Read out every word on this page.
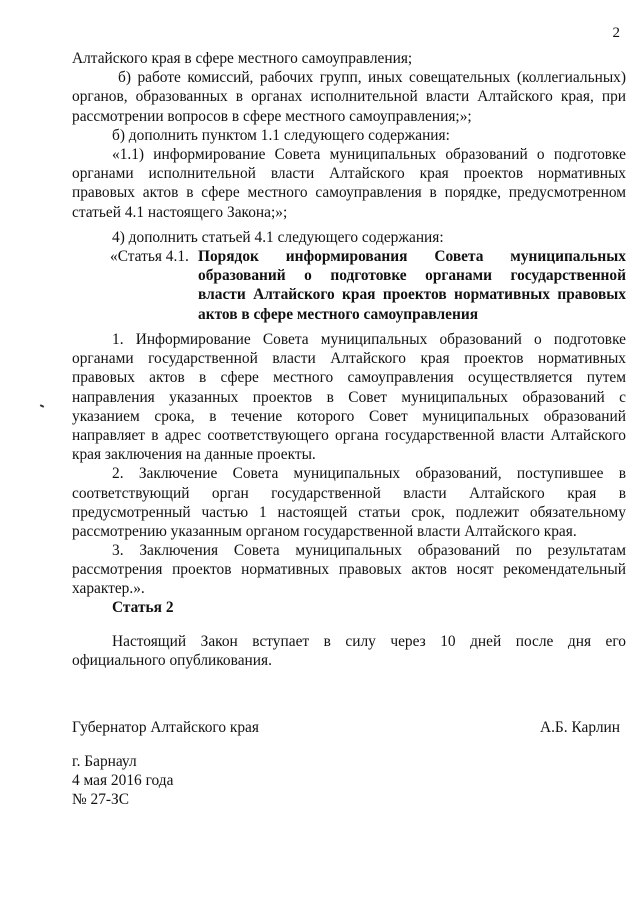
2
Алтайского края в сфере местного самоуправления;
б) работе комиссий, рабочих групп, иных совещательных (коллегиальных)
органов, образованных в органах исполнительной власти Алтайского края, при
рассмотрении вопросов в сфере местного самоуправления;»;
б) дополнить пунктом 1.1 следующего содержания:
«1.1) информирование Совета муниципальных образований о подготовке
органами исполнительной власти Алтайского края проектов нормативных
правовых актов в сфере местного самоуправления в порядке, предусмотренном
статьей 4.1 настоящего Закона;»;
4) дополнить статьей 4.1 следующего содержания:
«Статья 4.1. Порядок информирования Совета муниципальных
образований о подготовке органами государственной
власти Алтайского края проектов нормативных правовых
актов в сфере местного самоуправления
1. Информирование Совета муниципальных образований о подготовке
органами государственной власти Алтайского края проектов нормативных
правовых актов в сфере местного самоуправления осуществляется путем
направления указанных проектов в Совет муниципальных образований с
указанием срока, в течение которого Совет муниципальных образований
направляет в адрес соответствующего органа государственной власти Алтайского
края заключения на данные проекты.
2. Заключение Совета муниципальных образований, поступившее в
соответствующий орган государственной власти Алтайского края в
предусмотренный частью 1 настоящей статьи срок, подлежит обязательному
рассмотрению указанным органом государственной власти Алтайского края.
3. Заключения Совета муниципальных образований по результатам
рассмотрения проектов нормативных правовых актов носят рекомендательный
характер.».
Статья 2
Настоящий Закон вступает в силу через 10 дней после дня его
официального опубликования.
Губернатор Алтайского края	А.Б. Карлин
г. Барнаул
4 мая 2016 года
№ 27-ЗС
